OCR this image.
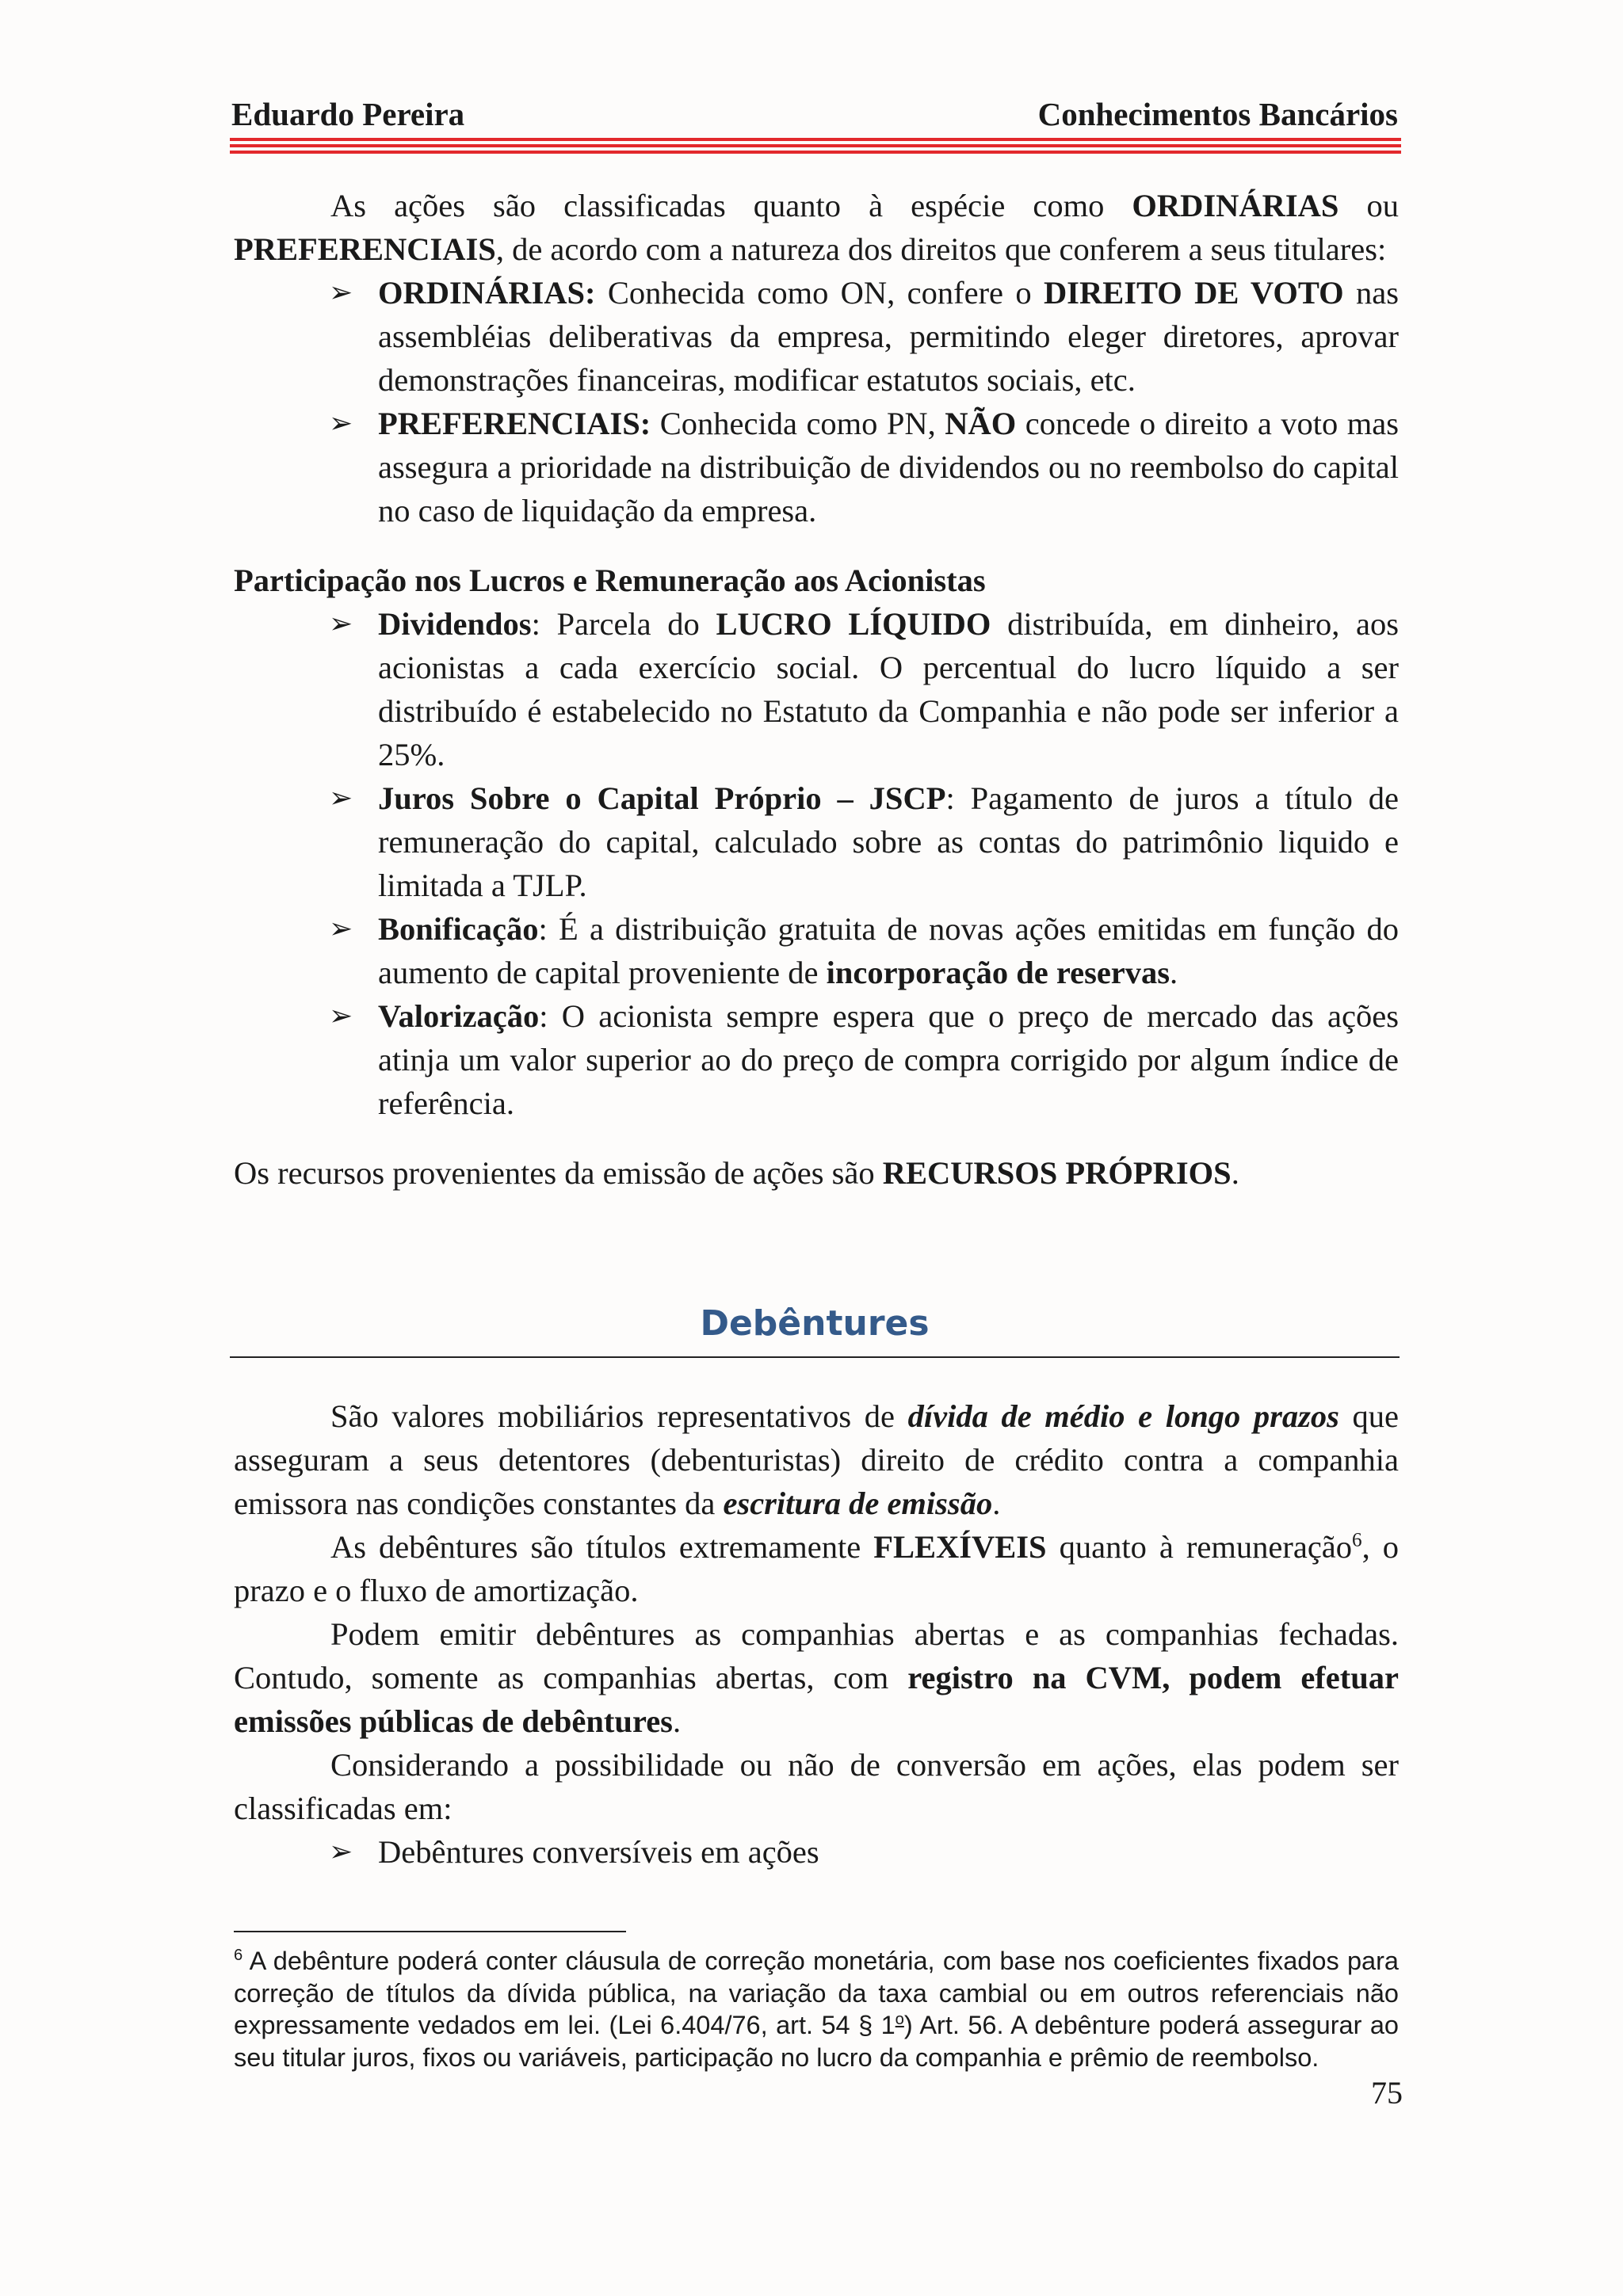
Eduardo Pereira	Conhecimentos Bancários

As ações são classificadas quanto à espécie como ORDINÁRIAS ou PREFERENCIAIS, de acordo com a natureza dos direitos que conferem a seus titulares:

➢ ORDINÁRIAS: Conhecida como ON, confere o DIREITO DE VOTO nas assembléias deliberativas da empresa, permitindo eleger diretores, aprovar demonstrações financeiras, modificar estatutos sociais, etc.
➢ PREFERENCIAIS: Conhecida como PN, NÃO concede o direito a voto mas assegura a prioridade na distribuição de dividendos ou no reembolso do capital no caso de liquidação da empresa.

Participação nos Lucros e Remuneração aos Acionistas

➢ Dividendos: Parcela do LUCRO LÍQUIDO distribuída, em dinheiro, aos acionistas a cada exercício social. O percentual do lucro líquido a ser distribuído é estabelecido no Estatuto da Companhia e não pode ser inferior a 25%.
➢ Juros Sobre o Capital Próprio – JSCP: Pagamento de juros a título de remuneração do capital, calculado sobre as contas do patrimônio liquido e limitada a TJLP.
➢ Bonificação: É a distribuição gratuita de novas ações emitidas em função do aumento de capital proveniente de incorporação de reservas.
➢ Valorização: O acionista sempre espera que o preço de mercado das ações atinja um valor superior ao do preço de compra corrigido por algum índice de referência.

Os recursos provenientes da emissão de ações são RECURSOS PRÓPRIOS.

Debêntures

São valores mobiliários representativos de dívida de médio e longo prazos que asseguram a seus detentores (debenturistas) direito de crédito contra a companhia emissora nas condições constantes da escritura de emissão.

As debêntures são títulos extremamente FLEXÍVEIS quanto à remuneração$^6$, o prazo e o fluxo de amortização.

Podem emitir debêntures as companhias abertas e as companhias fechadas. Contudo, somente as companhias abertas, com registro na CVM, podem efetuar emissões públicas de debêntures.

Considerando a possibilidade ou não de conversão em ações, elas podem ser classificadas em:

➢ Debêntures conversíveis em ações
$^6$ A debênture poderá conter cláusula de correção monetária, com base nos coeficientes fixados para correção de títulos da dívida pública, na variação da taxa cambial ou em outros referenciais não expressamente vedados em lei. (Lei 6.404/76, art. 54 § 1$^o$) Art. 56. A debênture poderá assegurar ao seu titular juros, fixos ou variáveis, participação no lucro da companhia e prêmio de reembolso.
75
